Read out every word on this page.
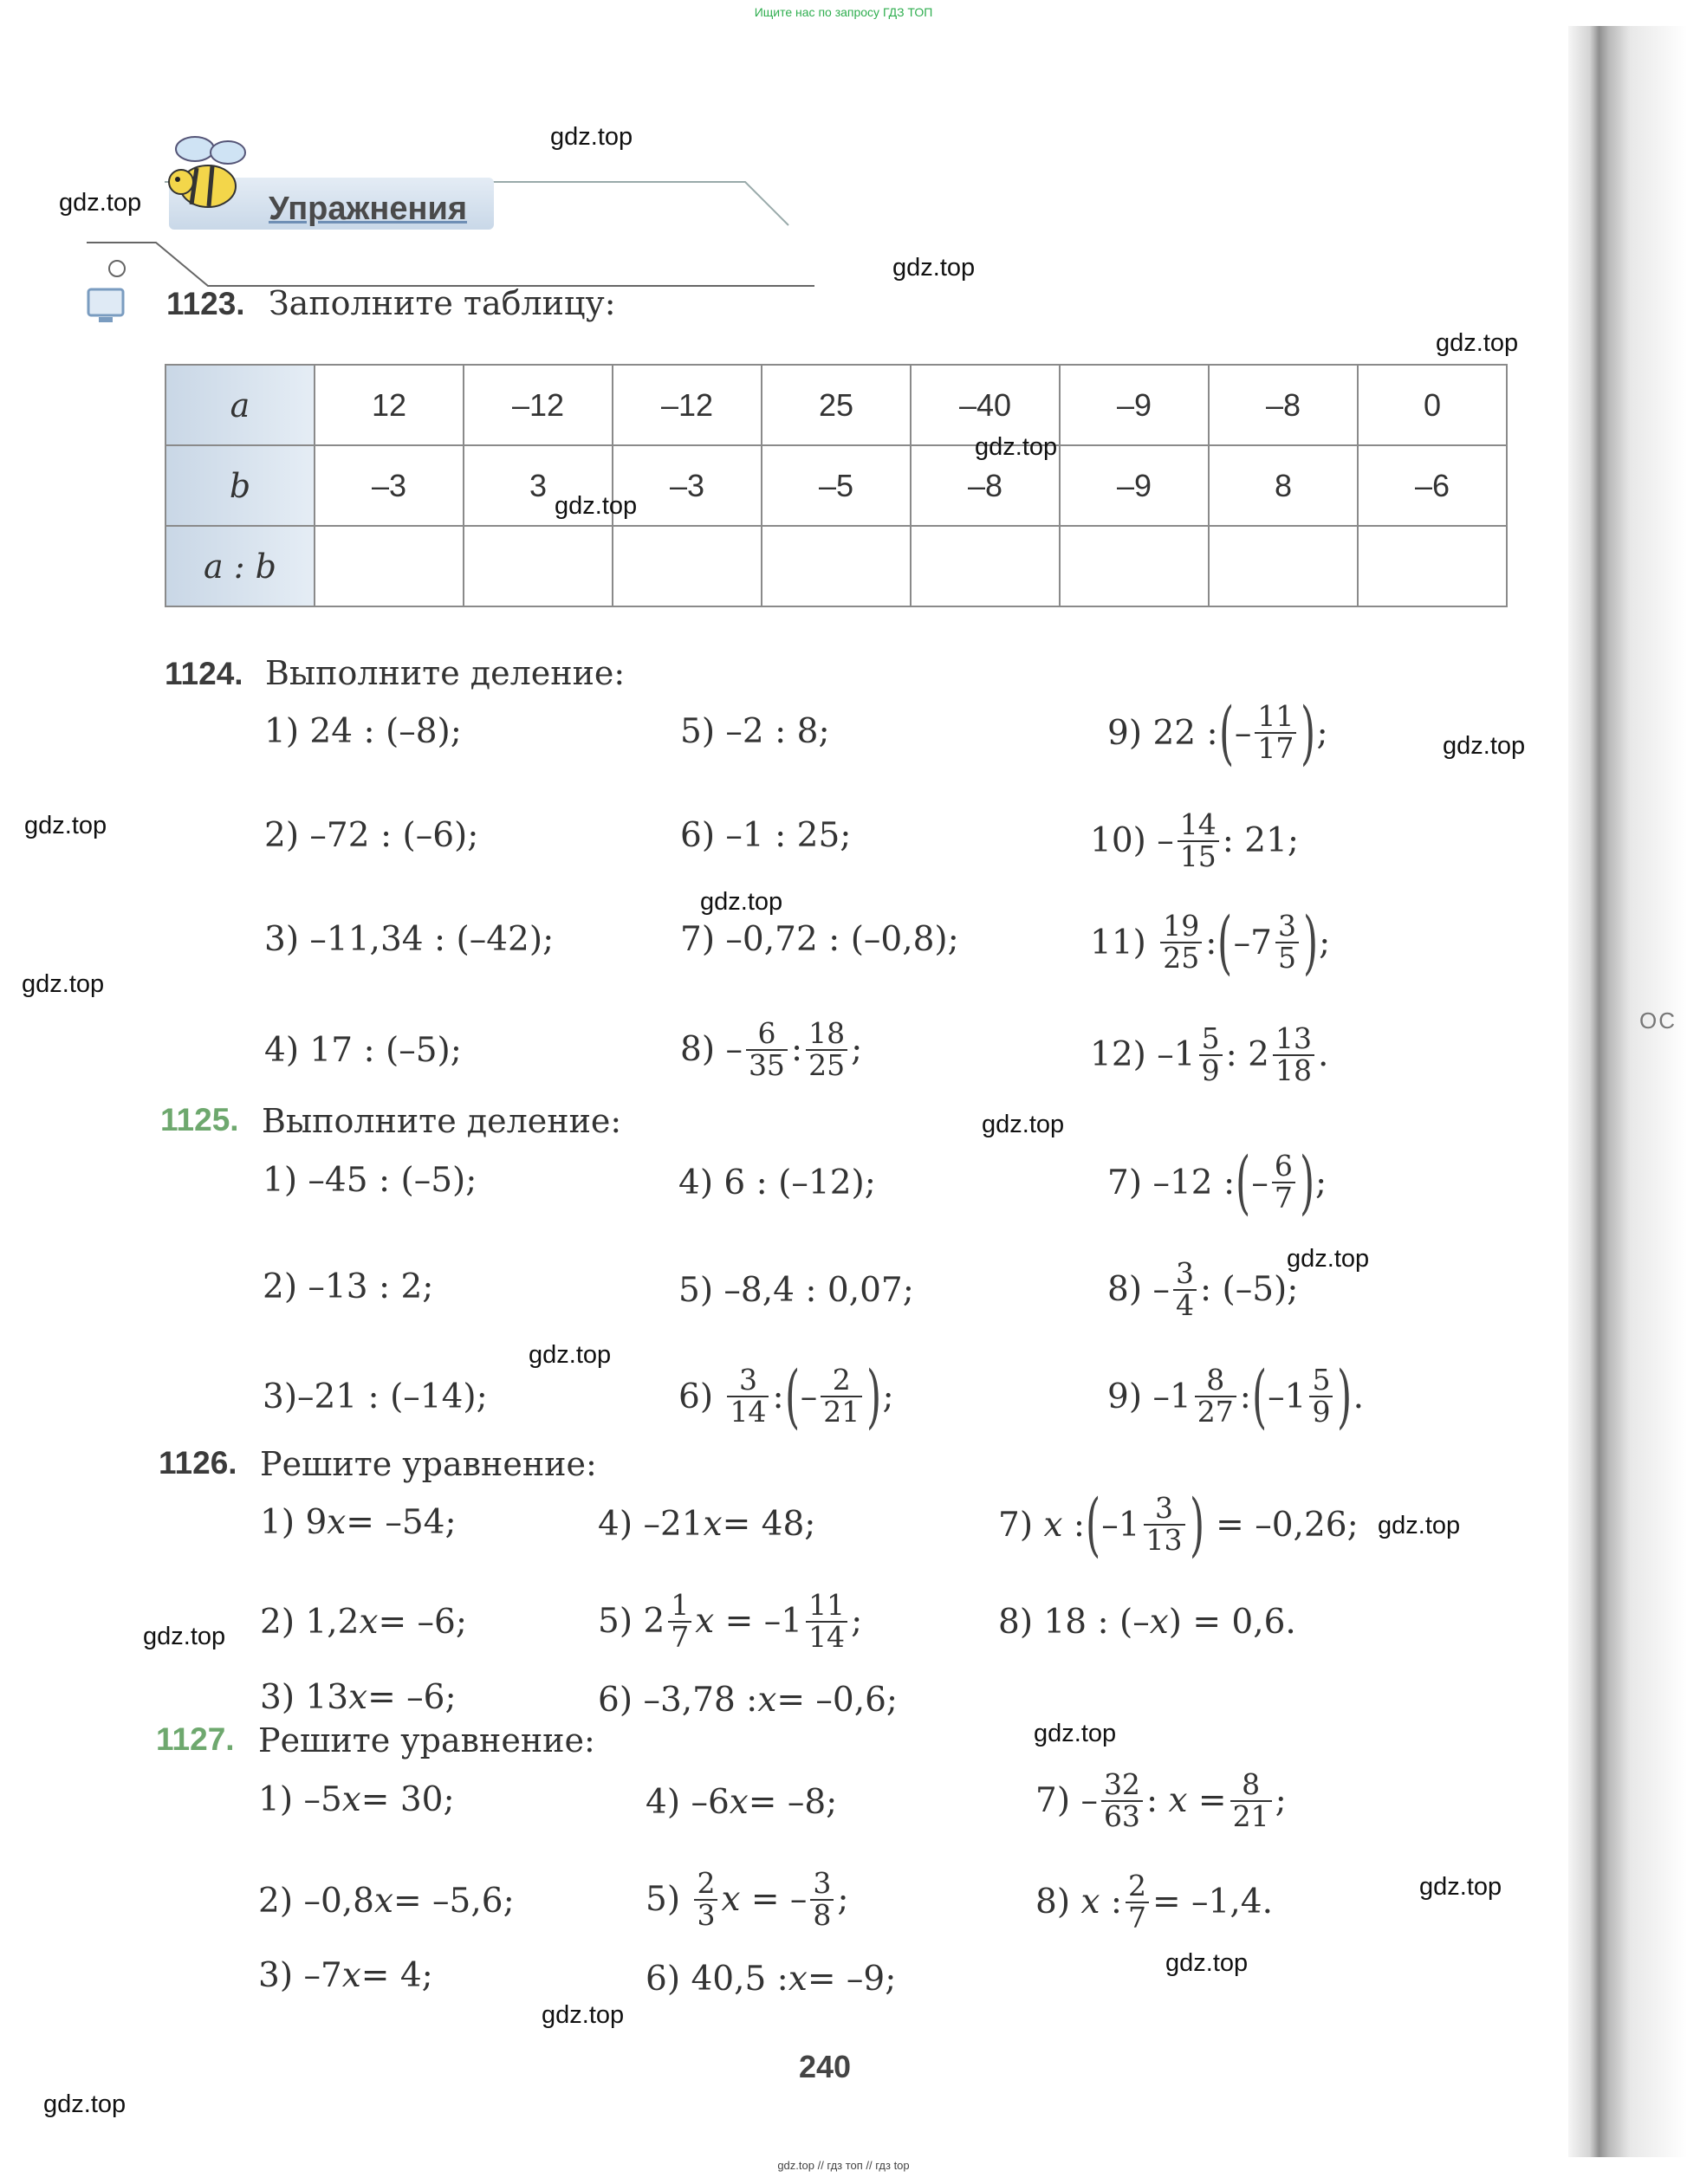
Ищите нас по запросу ГДЗ ТОП
ОС
Упражнения
1123. Заполните таблицу:
a	12	–12	–12	25	–40	–9	–8	0
b	–3	3	–3	–5	–8	–9	8	–6
a : b								
1124. Выполните деление:
1) 24 : (–8);
2) –72 : (–6);
3) –11,34 : (–42);
4) 17 : (–5);
5) –2 : 8;
6) –1 : 25;
7) –0,72 : (–0,8);
8)
– $\frac{6}{35}$ : $\frac{18}{25}$ ;
9)
22 : ( – $\frac{11}{17}$ ) ;
10)
– $\frac{14}{15}$ : 21;
11)
$\frac{19}{25}$ : ( $-7 \frac{3}{5}$ ) ;
12)
$-1 \frac{5}{9}$ :
$2 \frac{13}{18}$ .
1125. Выполните деление:
1) –45 : (–5);
2) –13 : 2;
3)–21 : (–14);
4) 6 : (–12);
5) –8,4 : 0,07;
6)
$\frac{3}{14}$ : ( – $\frac{2}{21}$ ) ;
7)
–12 : ( – $\frac{6}{7}$ ) ;
8)
– $\frac{3}{4}$ : (–5);
9)
$-1 \frac{8}{27}$ : ( $-1 \frac{5}{9}$ ) .
1126. Решите уравнение:
1)
9 x = –54;
2)
1,2 x = –6;
3)
13 x = –6;
4)
–21 x = 48;
5)
$2 \frac{1}{7}$ x
= $-1 \frac{11}{14}$ ;
6)
–3,78 : x = –0,6;
7)
x
: ( $-1 \frac{3}{13}$ )
= –0,26;
8)
18 : (– x ) = 0,6.
1127. Решите уравнение:
1)
–5 x = 30;
2)
–0,8 x = –5,6;
3)
–7 x = 4;
4)
–6 x = –8;
5)
$\frac{2}{3}$ x
= – $\frac{3}{8}$ ;
6)
40,5 : x = –9;
7)
– $\frac{32}{63}$ :
x
= $\frac{8}{21}$ ;
8)
x
: $\frac{2}{7} = -1,4$.
240
gdz.top // гдз топ // гдз top
gdz.top
gdz.top
gdz.top
gdz.top
gdz.top
gdz.top
gdz.top
gdz.top
gdz.top
gdz.top
gdz.top
gdz.top
gdz.top
gdz.top
gdz.top
gdz.top
gdz.top
gdz.top
gdz.top
gdz.top
